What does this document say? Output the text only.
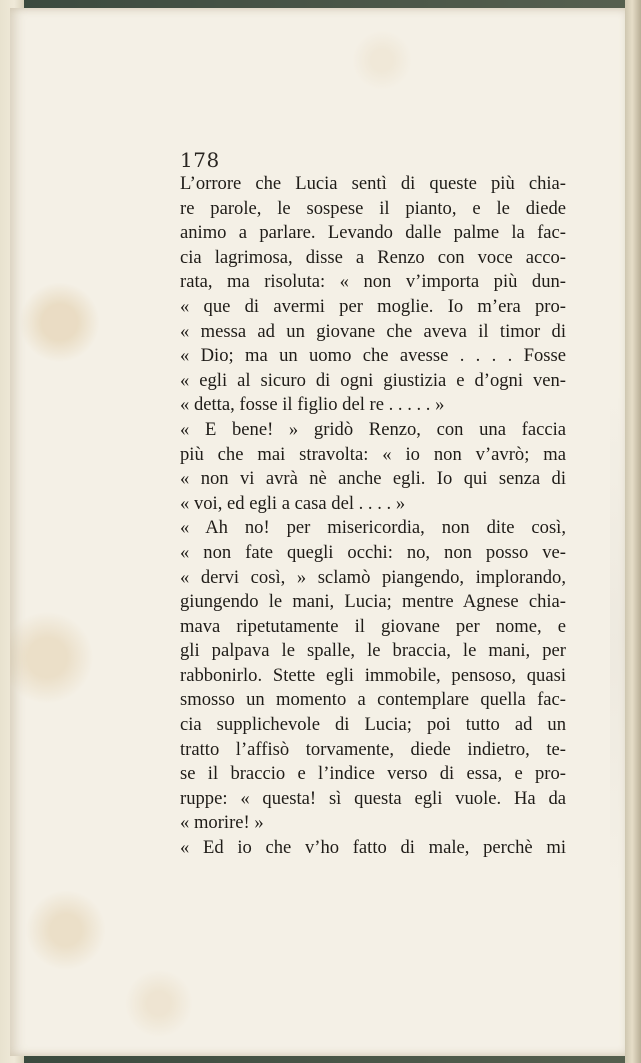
178
L’orrore che Lucia sentì di queste più chia-
re parole, le sospese il pianto, e le diede
animo a parlare. Levando dalle palme la fac-
cia lagrimosa, disse a Renzo con voce acco-
rata, ma risoluta: « non v’importa più dun-
« que di avermi per moglie. Io m’era pro-
« messa ad un giovane che aveva il timor di
« Dio; ma un uomo che avesse . . . . Fosse
« egli al sicuro di ogni giustizia e d’ogni ven-
« detta, fosse il figlio del re . . . . . »
« E bene! » gridò Renzo, con una faccia
più che mai stravolta: « io non v’avrò; ma
« non vi avrà nè anche egli. Io qui senza di
« voi, ed egli a casa del . . . . »
« Ah no! per misericordia, non dite così,
« non fate quegli occhi: no, non posso ve-
« dervi così, » sclamò piangendo, implorando,
giungendo le mani, Lucia; mentre Agnese chia-
mava ripetutamente il giovane per nome, e
gli palpava le spalle, le braccia, le mani, per
rabbonirlo. Stette egli immobile, pensoso, quasi
smosso un momento a contemplare quella fac-
cia supplichevole di Lucia; poi tutto ad un
tratto l’affisò torvamente, diede indietro, te-
se il braccio e l’indice verso di essa, e pro-
ruppe: « questa! sì questa egli vuole. Ha da
« morire! »
« Ed io che v’ho fatto di male, perchè mi
